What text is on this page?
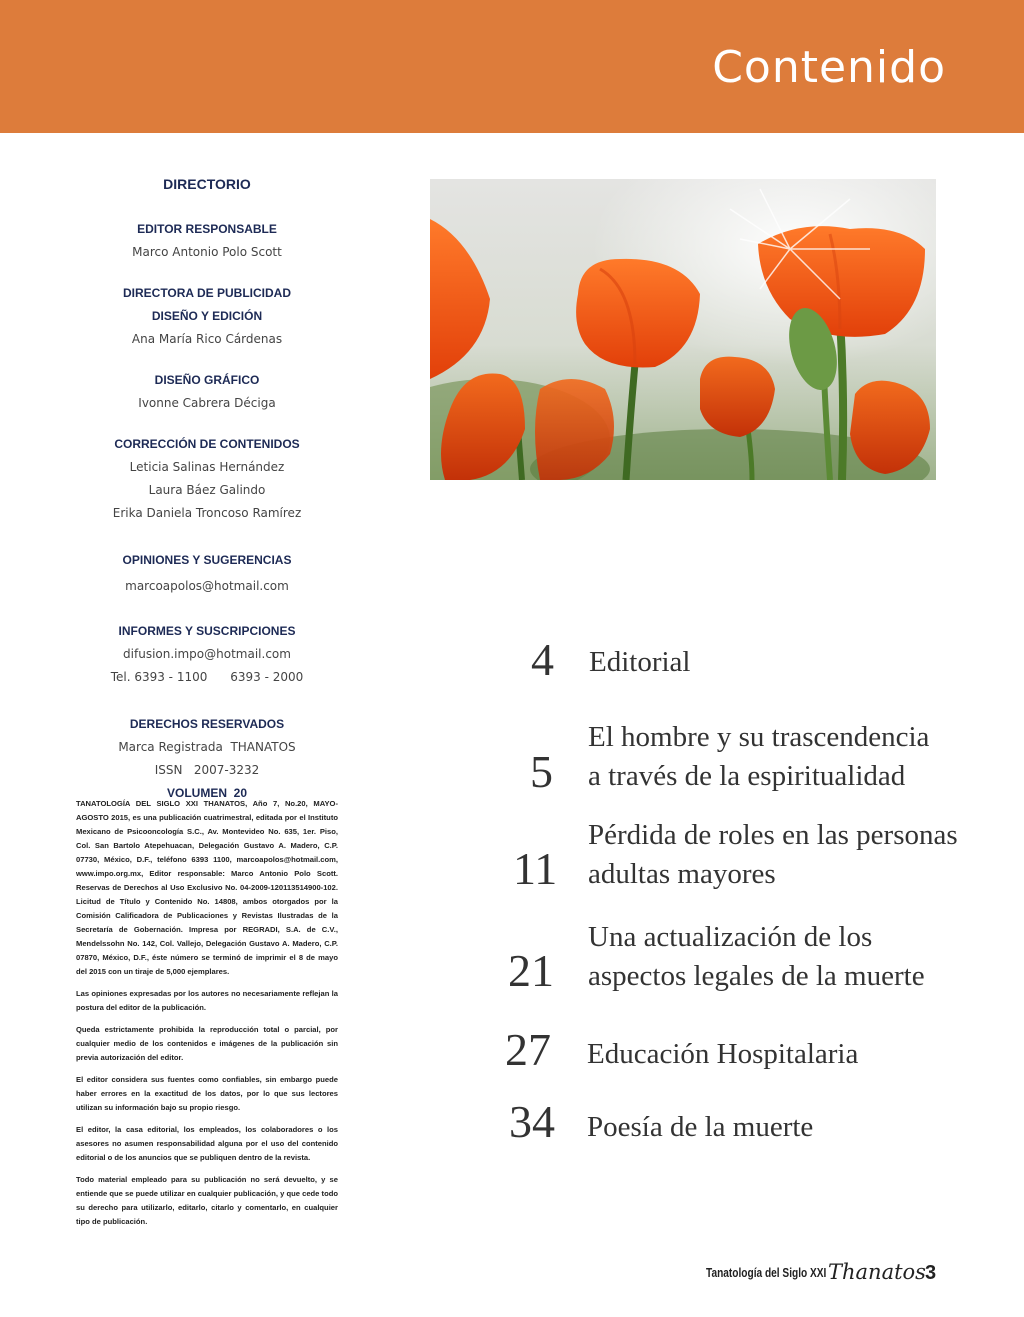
Contenido
DIRECTORIO
EDITOR RESPONSABLE
Marco Antonio Polo Scott
DIRECTORA DE PUBLICIDAD
DISEÑO Y EDICIÓN
Ana María Rico Cárdenas
DISEÑO GRÁFICO
Ivonne Cabrera Déciga
CORRECCIÓN DE CONTENIDOS
Leticia Salinas Hernández
Laura Báez Galindo
Erika Daniela Troncoso Ramírez
OPINIONES Y SUGERENCIAS
marcoapolos@hotmail.com
INFORMES Y SUSCRIPCIONES
difusion.impo@hotmail.com
Tel. 6393 - 1100      6393 - 2000
DERECHOS RESERVADOS
Marca Registrada  THANATOS
ISSN   2007-3232
VOLUMEN  20

TANATOLOGÍA DEL SIGLO XXI THANATOS, Año 7, No.20, MAYO-AGOSTO 2015, es una publicación cuatrimestral, editada por el Instituto Mexicano de Psicooncología S.C., Av. Montevideo No. 635, 1er. Piso, Col. San Bartolo Atepehuacan, Delegación Gustavo A. Madero, C.P. 07730, México, D.F., teléfono 6393 1100, marcoapolos@hotmail.com, www.impo.org.mx, Editor responsable: Marco Antonio Polo Scott. Reservas de Derechos al Uso Exclusivo No. 04-2009-120113514900-102. Licitud de Título y Contenido No. 14808, ambos otorgados por la Comisión Calificadora de Publicaciones y Revistas Ilustradas de la Secretaría de Gobernación. Impresa por REGRADI, S.A. de C.V., Mendelssohn No. 142, Col. Vallejo, Delegación Gustavo A. Madero, C.P. 07870, México, D.F., éste número se terminó de imprimir el 8 de mayo del 2015 con un tiraje de 5,000 ejemplares.

Las opiniones expresadas por los autores no necesariamente reflejan la postura del editor de la publicación.

Queda estrictamente prohibida la reproducción total o parcial, por cualquier medio de los contenidos e imágenes de la publicación sin previa autorización del editor.

El editor considera sus fuentes como confiables, sin embargo puede haber errores en la exactitud de los datos, por lo que sus lectores utilizan su información bajo su propio riesgo.

El editor, la casa editorial, los empleados, los colaboradores o los asesores no asumen responsabilidad alguna por el uso del contenido editorial o de los anuncios que se publiquen dentro de la revista.

Todo material empleado para su publicación no será devuelto, y se entiende que se puede utilizar en cualquier publicación, y que cede todo su derecho para utilizarlo, editarlo, citarlo y comentarlo, en cualquier tipo de publicación.

4 Editorial
5
El hombre y su trascendencia
a través de la espiritualidad
11
Pérdida de roles en las personas
adultas mayores
21
Una actualización de los
aspectos legales de la muerte
27 Educación Hospitalaria
34 Poesía de la muerte
Tanatología del Siglo XXI Thanatos 3
